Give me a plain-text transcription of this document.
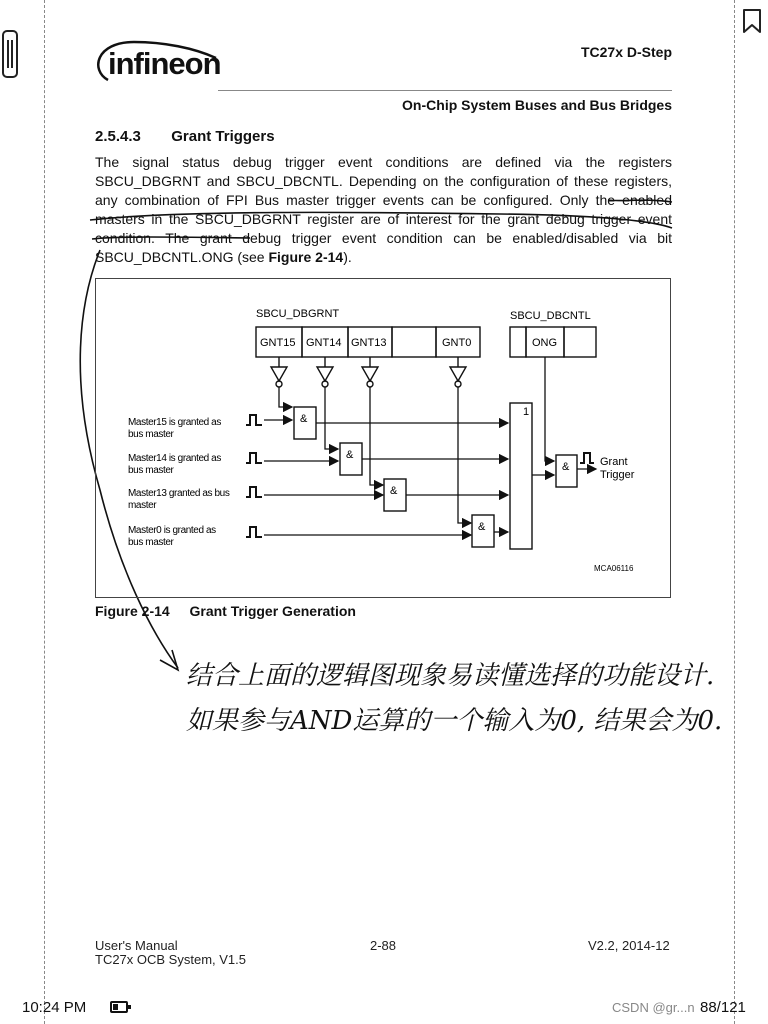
infineon	TC27x D-Step
On-Chip System Buses and Bus Bridges
2.5.4.3 Grant Triggers
The signal status debug trigger event conditions are defined via the registers SBCU_DBGRNT and SBCU_DBCNTL. Depending on the configuration of these registers, any combination of FPI Bus master trigger events can be configured. Only the enabled masters in the SBCU_DBGRNT register are of interest for the grant debug trigger event condition. The grant debug trigger event condition can be enabled/disabled via bit SBCU_DBCNTL.ONG (see Figure 2-14).
SBCU_DBGRNT
GNT15 GNT14 GNT13	GNT0
SBCU_DBCNTL
ONG
&
&
&
&
&
1
Master15 is granted as
bus master
Master14 is granted as
bus master
Master13 granted as bus
master
Master0 is granted as
bus master
Grant
Trigger
MCA06116
Figure 2-14 Grant Trigger Generation
结合上面的逻辑图现象易读懂选择的功能设计.
如果参与AND运算的一个输入为0, 结果会为0.
User's Manual
TC27x OCB System, V1.5
2-88	V2.2, 2014-12
10:24 PM	CSDN @gr...n 88/121
